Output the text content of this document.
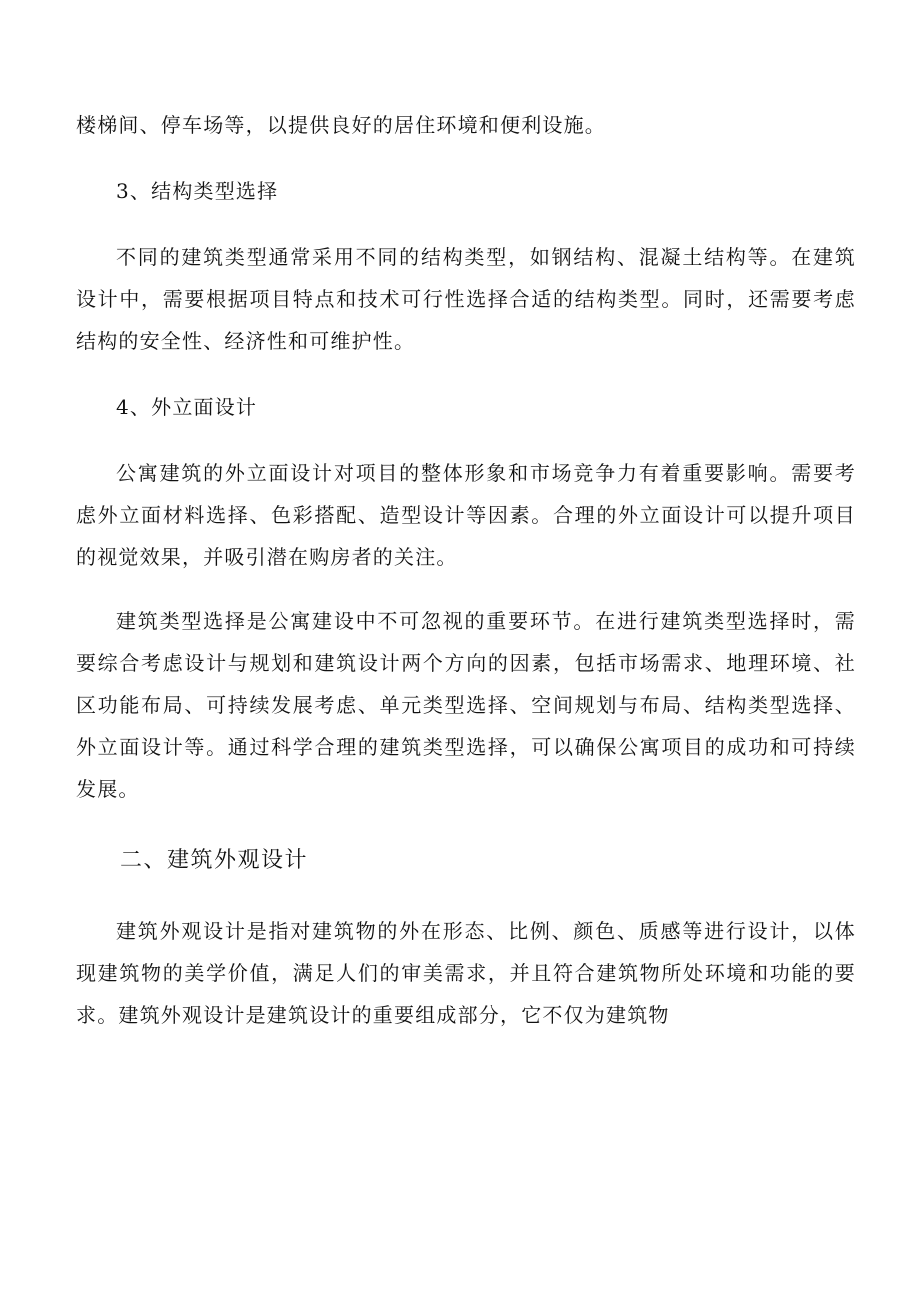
楼梯间、停车场等，以提供良好的居住环境和便利设施。

3、结构类型选择

不同的建筑类型通常采用不同的结构类型，如钢结构、混凝土结构等。在建筑设计中，需要根据项目特点和技术可行性选择合适的结构类型。同时，还需要考虑结构的安全性、经济性和可维护性。

4、外立面设计

公寓建筑的外立面设计对项目的整体形象和市场竞争力有着重要影响。需要考虑外立面材料选择、色彩搭配、造型设计等因素。合理的外立面设计可以提升项目的视觉效果，并吸引潜在购房者的关注。

建筑类型选择是公寓建设中不可忽视的重要环节。在进行建筑类型选择时，需要综合考虑设计与规划和建筑设计两个方向的因素，包括市场需求、地理环境、社区功能布局、可持续发展考虑、单元类型选择、空间规划与布局、结构类型选择、外立面设计等。通过科学合理的建筑类型选择，可以确保公寓项目的成功和可持续发展。

二、建筑外观设计

建筑外观设计是指对建筑物的外在形态、比例、颜色、质感等进行设计，以体现建筑物的美学价值，满足人们的审美需求，并且符合建筑物所处环境和功能的要求。建筑外观设计是建筑设计的重要组成部分，它不仅为建筑物
